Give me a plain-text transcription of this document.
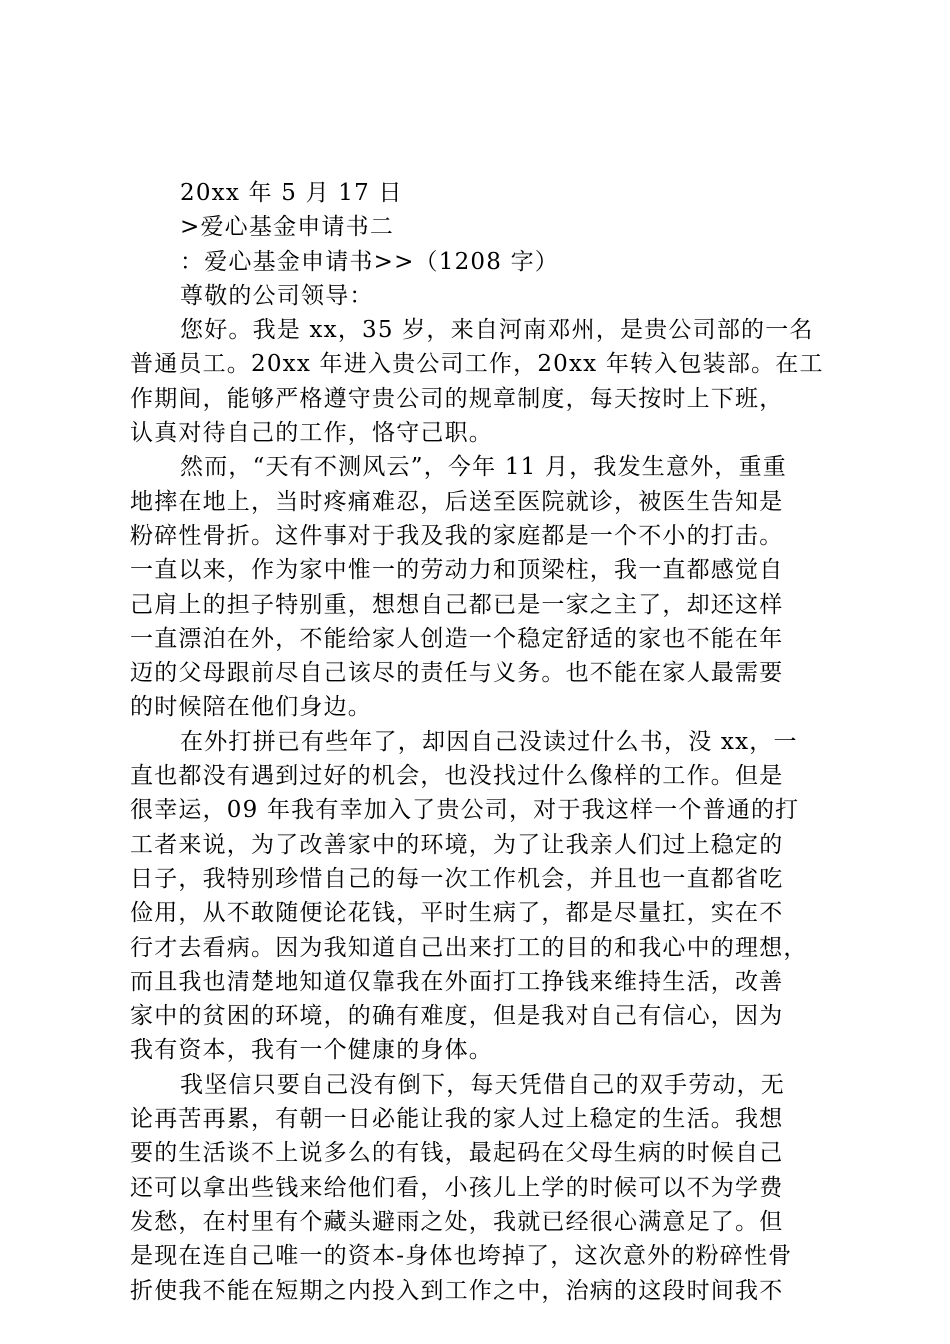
20xx 年 5 月 17 日
>爱心基金申请书二
：爱心基金申请书>>（1208 字）
尊敬的公司领导：
您好。我是 xx，35 岁，来自河南邓州，是贵公司部的一名
普通员工。20xx 年进入贵公司工作，20xx 年转入包装部。在工
作期间，能够严格遵守贵公司的规章制度，每天按时上下班，
认真对待自己的工作，恪守己职。
然而，“天有不测风云”，今年 11 月，我发生意外，重重
地摔在地上，当时疼痛难忍，后送至医院就诊，被医生告知是
粉碎性骨折。这件事对于我及我的家庭都是一个不小的打击。
一直以来，作为家中惟一的劳动力和顶梁柱，我一直都感觉自
己肩上的担子特别重，想想自己都已是一家之主了，却还这样
一直漂泊在外，不能给家人创造一个稳定舒适的家也不能在年
迈的父母跟前尽自己该尽的责任与义务。也不能在家人最需要
的时候陪在他们身边。
在外打拼已有些年了，却因自己没读过什么书，没 xx，一
直也都没有遇到过好的机会，也没找过什么像样的工作。但是
很幸运，09 年我有幸加入了贵公司，对于我这样一个普通的打
工者来说，为了改善家中的环境，为了让我亲人们过上稳定的
日子，我特别珍惜自己的每一次工作机会，并且也一直都省吃
俭用，从不敢随便论花钱，平时生病了，都是尽量扛，实在不
行才去看病。因为我知道自己出来打工的目的和我心中的理想，
而且我也清楚地知道仅靠我在外面打工挣钱来维持生活，改善
家中的贫困的环境，的确有难度，但是我对自己有信心，因为
我有资本，我有一个健康的身体。
我坚信只要自己没有倒下，每天凭借自己的双手劳动，无
论再苦再累，有朝一日必能让我的家人过上稳定的生活。我想
要的生活谈不上说多么的有钱，最起码在父母生病的时候自己
还可以拿出些钱来给他们看，小孩儿上学的时候可以不为学费
发愁，在村里有个藏头避雨之处，我就已经很心满意足了。但
是现在连自己唯一的资本-身体也垮掉了，这次意外的粉碎性骨
折使我不能在短期之内投入到工作之中，治病的这段时间我不
